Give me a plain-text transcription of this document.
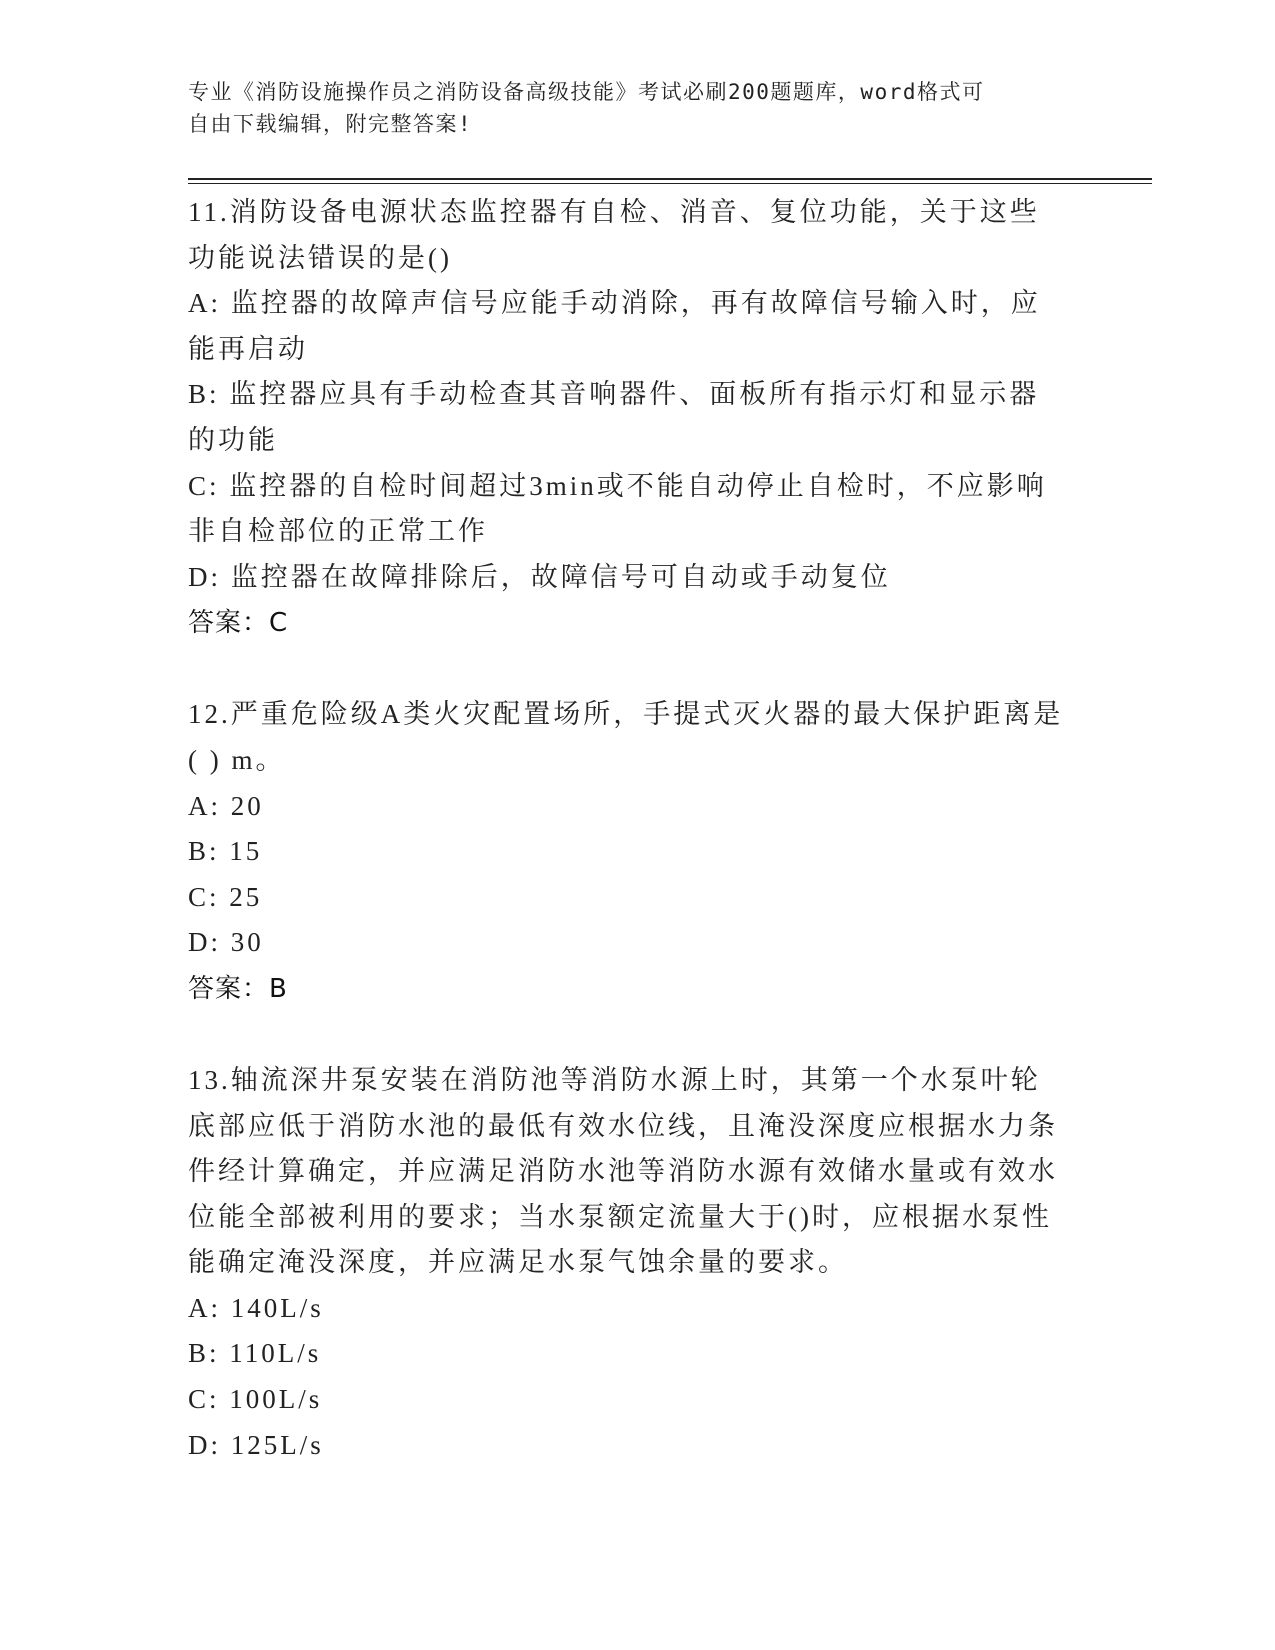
专业《消防设施操作员之消防设备高级技能》考试必刷200题题库，word格式可
自由下载编辑，附完整答案!

11.消防设备电源状态监控器有自检、消音、复位功能，关于这些功能说法错误的是()

A: 监控器的故障声信号应能手动消除，再有故障信号输入时，应能再启动

B: 监控器应具有手动检查其音响器件、面板所有指示灯和显示器的功能

C: 监控器的自检时间超过3min或不能自动停止自检时，不应影响非自检部位的正常工作

D: 监控器在故障排除后，故障信号可自动或手动复位

答案：C

12.严重危险级A类火灾配置场所，手提式灭火器的最大保护距离是( ) m。

A: 20

B: 15

C: 25

D: 30

答案：B

13.轴流深井泵安装在消防池等消防水源上时，其第一个水泵叶轮底部应低于消防水池的最低有效水位线，且淹没深度应根据水力条件经计算确定，并应满足消防水池等消防水源有效储水量或有效水位能全部被利用的要求；当水泵额定流量大于()时，应根据水泵性能确定淹没深度，并应满足水泵气蚀余量的要求。

A: 140L/s

B: 110L/s

C: 100L/s

D: 125L/s
